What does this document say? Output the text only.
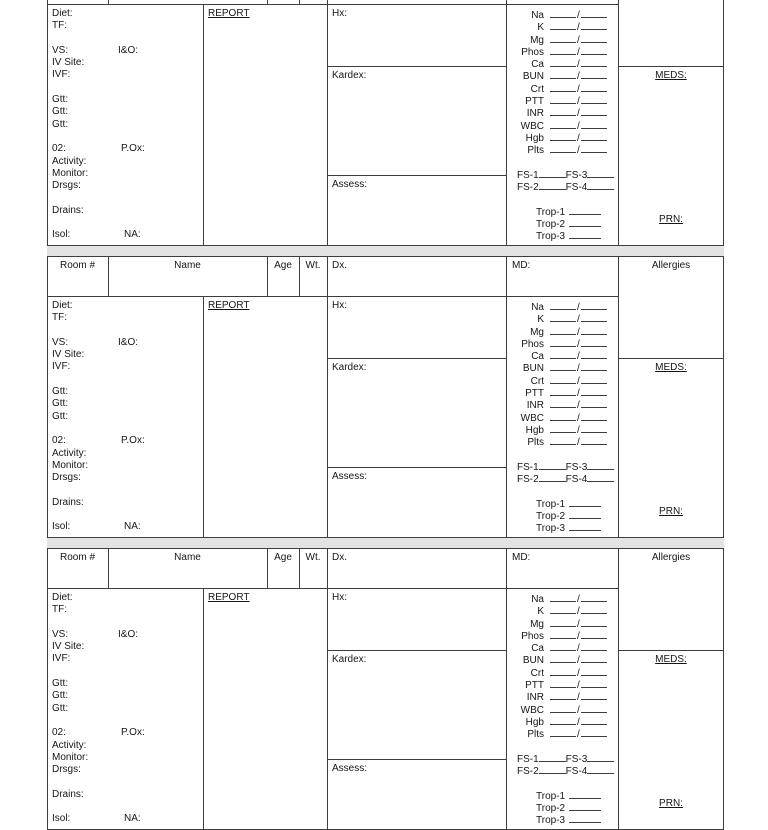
Diet:
TF:
VS:	I&O:
IV Site:
IVF:
Gtt:
Gtt:
Gtt:
02:	P.Ox:
Activity:
Monitor:
Drsgs:
Drains:
Isol:	NA:
REPORT	Hx:
Kardex:
Assess:
Na	/
K	/
Mg	/
Phos	/
Ca	/
BUN	/
Crt	/
PTT	/
INR	/
WBC	/
Hgb	/
Plts	/
FS-1	FS-3
FS-2	FS-4
Trop-1
Trop-2
Trop-3
MEDS:
PRN:
Room #	Name	Age	Wt.	Dx.	MD:	Allergies
Diet:
TF:
VS:	I&O:
IV Site:
IVF:
Gtt:
Gtt:
Gtt:
02:	P.Ox:
Activity:
Monitor:
Drsgs:
Drains:
Isol:	NA:
REPORT	Hx:
Kardex:
Assess:
Na	/
K	/
Mg	/
Phos	/
Ca	/
BUN	/
Crt	/
PTT	/
INR	/
WBC	/
Hgb	/
Plts	/
FS-1	FS-3
FS-2	FS-4
Trop-1
Trop-2
Trop-3
MEDS:
PRN:
Room #	Name	Age	Wt.	Dx.	MD:	Allergies
Diet:
TF:
VS:	I&O:
IV Site:
IVF:
Gtt:
Gtt:
Gtt:
02:	P.Ox:
Activity:
Monitor:
Drsgs:
Drains:
Isol:	NA:
REPORT	Hx:
Kardex:
Assess:
Na	/
K	/
Mg	/
Phos	/
Ca	/
BUN	/
Crt	/
PTT	/
INR	/
WBC	/
Hgb	/
Plts	/
FS-1	FS-3
FS-2	FS-4
Trop-1
Trop-2
Trop-3
MEDS:
PRN:
